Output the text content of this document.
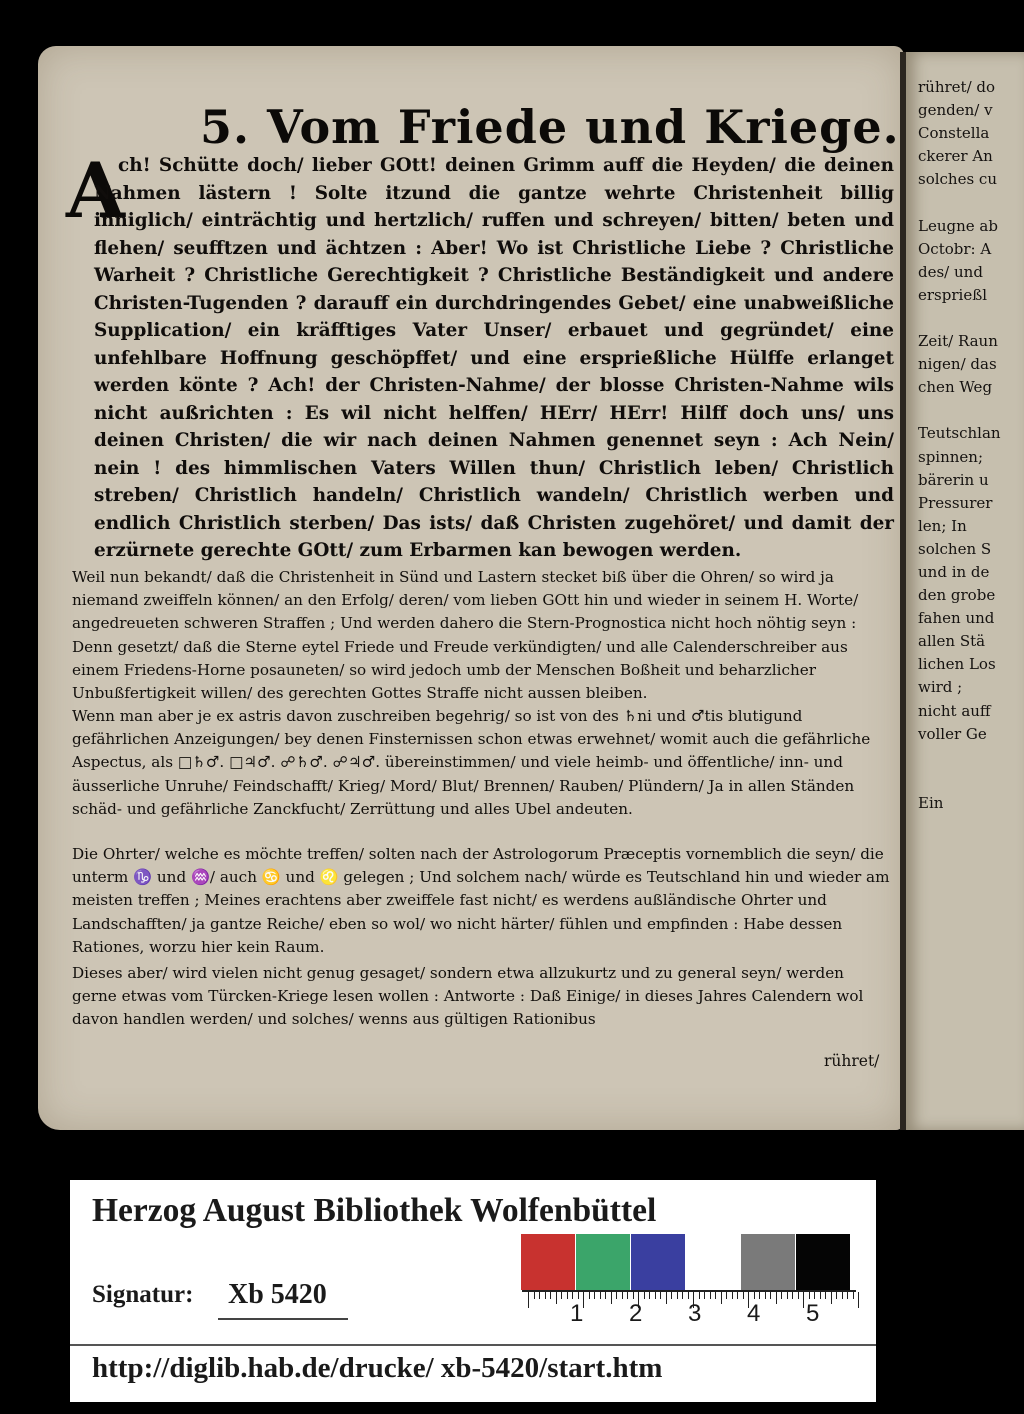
5. Vom Friede und Kriege.
A
ch! Schütte doch/ lieber GOtt! deinen Grimm auff die Heyden/ die deinen Nahmen lästern ! Solte itzund die gantze wehrte Christenheit billig inniglich/ einträchtig und hertzlich/ ruffen und schreyen/ bitten/ beten und flehen/ seufftzen und ächtzen : Aber! Wo ist Christliche Liebe ? Christliche Warheit ? Christliche Gerechtigkeit ? Christliche Beständigkeit und andere Christen-Tugenden ? darauff ein durchdringendes Gebet/ eine unabweißliche Supplication/ ein kräfftiges Vater Unser/ erbauet und gegründet/ eine unfehlbare Hoffnung geschöpffet/ und eine ersprießliche Hülffe erlanget werden könte ? Ach! der Christen-Nahme/ der blosse Christen-Nahme wils nicht außrichten : Es wil nicht helffen/ HErr/ HErr! Hilff doch uns/ uns deinen Christen/ die wir nach deinen Nahmen genennet seyn : Ach Nein/ nein ! des himmlischen Vaters Willen thun/ Christlich leben/ Christlich streben/ Christlich handeln/ Christlich wandeln/ Christlich werben und endlich Christlich sterben/ Das ists/ daß Christen zugehöret/ und damit der erzürnete gerechte GOtt/ zum Erbarmen kan bewogen werden.
Weil nun bekandt/ daß die Christenheit in Sünd und Lastern stecket biß über die Ohren/ so wird ja niemand zweiffeln können/ an den Erfolg/ deren/ vom lieben GOtt hin und wieder in seinem H. Worte/ angedreueten schweren Straffen ; Und werden dahero die Stern-Prognostica nicht hoch nöhtig seyn : Denn gesetzt/ daß die Sterne eytel Friede und Freude verkündigten/ und alle Calenderschreiber aus einem Friedens-Horne posauneten/ so wird jedoch umb der Menschen Boßheit und beharzlicher Unbußfertigkeit willen/ des gerechten Gottes Straffe nicht aussen bleiben.
Wenn man aber je ex astris davon zuschreiben begehrig/ so ist von des ♄ni und ♂tis blutigund gefährlichen Anzeigungen/ bey denen Finsternissen schon etwas erwehnet/ womit auch die gefährliche Aspectus, als □♄♂. □♃♂. ☍♄♂. ☍♃♂. übereinstimmen/ und viele heimb- und öffentliche/ inn- und äusserliche Unruhe/ Feindschafft/ Krieg/ Mord/ Blut/ Brennen/ Rauben/ Plündern/ Ja in allen Ständen schäd- und gefährliche Zanckfucht/ Zerrüttung und alles Ubel andeuten.
Die Ohrter/ welche es möchte treffen/ solten nach der Astrologorum Præceptis vornemblich die seyn/ die unterm ♑ und ♒/ auch ♋ und ♌ gelegen ; Und solchem nach/ würde es Teutschland hin und wieder am meisten treffen ; Meines erachtens aber zweiffele fast nicht/ es werdens außländische Ohrter und Landschafften/ ja gantze Reiche/ eben so wol/ wo nicht härter/ fühlen und empfinden : Habe dessen Rationes, worzu hier kein Raum.
Dieses aber/ wird vielen nicht genug gesaget/ sondern etwa allzukurtz und zu general seyn/ werden gerne etwas vom Türcken-Kriege lesen wollen : Antworte : Daß Einige/ in dieses Jahres Calendern wol davon handlen werden/ und solches/ wenns aus gültigen Rationibus
rühret/
rühret/ do
genden/ v
Constella
ckerer An
solches cu
Leugne ab
Octobr: A
des/ und
ersprießl
Zeit/ Raun
nigen/ das
chen Weg
Teutschlan
spinnen;
bärerin u
Pressurer
len; In
solchen S
und in de
den grobe
fahen und
allen Stä
lichen Los
wird ;
nicht auff
voller Ge
Ein
Herzog August Bibliothek Wolfenbüttel
Signatur: Xb 5420
http://diglib.hab.de/drucke/ xb-5420/start.htm
1 2 3 4 5
